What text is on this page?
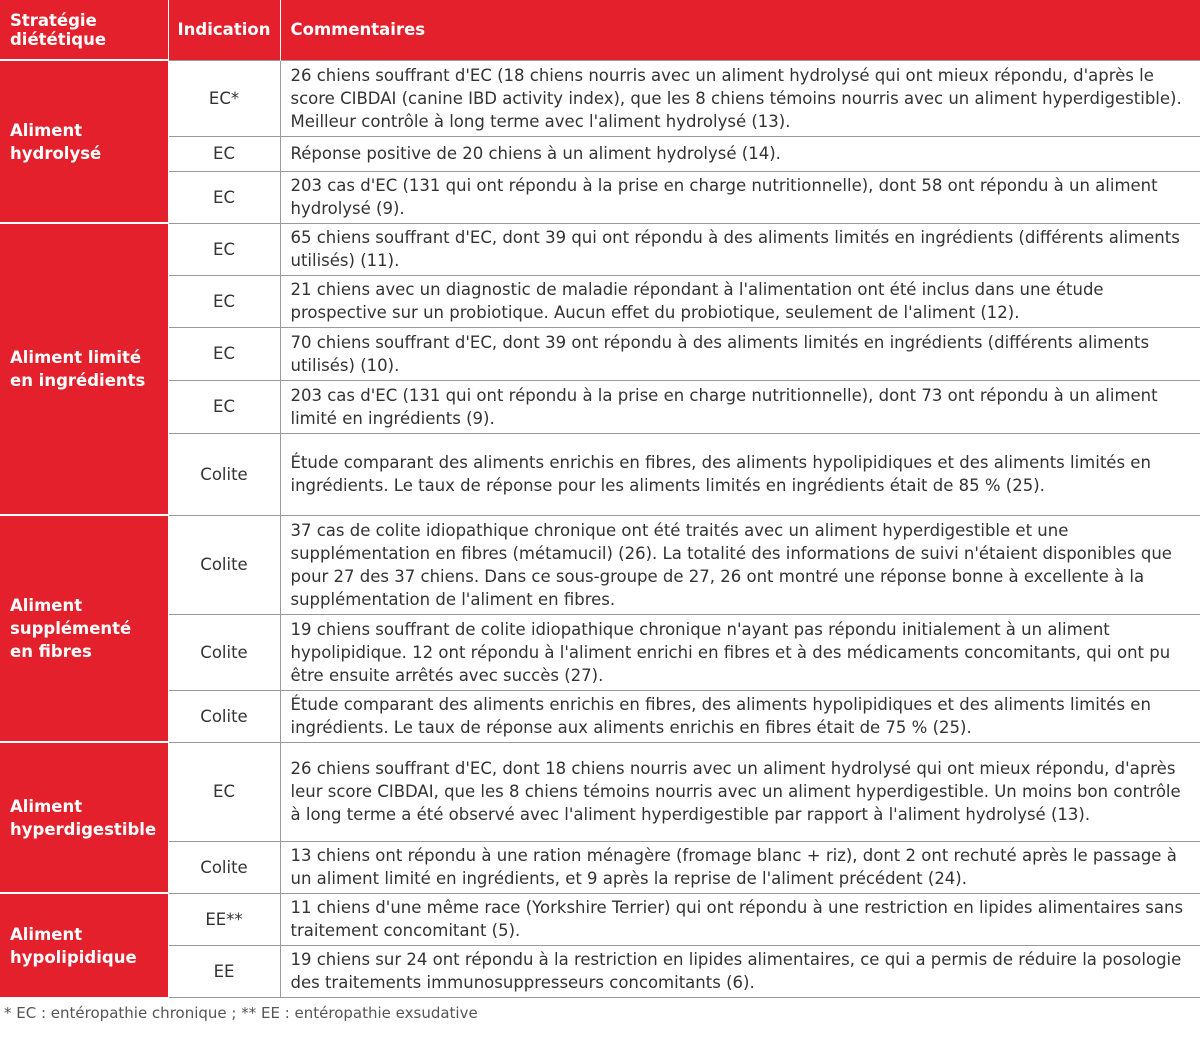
Stratégie diététique	Indication	Commentaires
Aliment hydrolysé	EC*	26 chiens souffrant d'EC (18 chiens nourris avec un aliment hydrolysé qui ont mieux répondu, d'après le score CIBDAI (canine IBD activity index), que les 8 chiens témoins nourris avec un aliment hyperdigestible). Meilleur contrôle à long terme avec l'aliment hydrolysé (13).
	EC	Réponse positive de 20 chiens à un aliment hydrolysé (14).
	EC	203 cas d'EC (131 qui ont répondu à la prise en charge nutritionnelle), dont 58 ont répondu à un aliment hydrolysé (9).
Aliment limité en ingrédients	EC	65 chiens souffrant d'EC, dont 39 qui ont répondu à des aliments limités en ingrédients (différents aliments utilisés) (11).
	EC	21 chiens avec un diagnostic de maladie répondant à l'alimentation ont été inclus dans une étude prospective sur un probiotique. Aucun effet du probiotique, seulement de l'aliment (12).
	EC	70 chiens souffrant d'EC, dont 39 ont répondu à des aliments limités en ingrédients (différents aliments utilisés) (10).
	EC	203 cas d'EC (131 qui ont répondu à la prise en charge nutritionnelle), dont 73 ont répondu à un aliment limité en ingrédients (9).
	Colite	Étude comparant des aliments enrichis en fibres, des aliments hypolipidiques et des aliments limités en ingrédients. Le taux de réponse pour les aliments limités en ingrédients était de 85 % (25).
Aliment supplémenté en fibres	Colite	37 cas de colite idiopathique chronique ont été traités avec un aliment hyperdigestible et une supplémentation en fibres (métamucil) (26). La totalité des informations de suivi n'étaient disponibles que pour 27 des 37 chiens. Dans ce sous-groupe de 27, 26 ont montré une réponse bonne à excellente à la supplémentation de l'aliment en fibres.
	Colite	19 chiens souffrant de colite idiopathique chronique n'ayant pas répondu initialement à un aliment hypolipidique. 12 ont répondu à l'aliment enrichi en fibres et à des médicaments concomitants, qui ont pu être ensuite arrêtés avec succès (27).
	Colite	Étude comparant des aliments enrichis en fibres, des aliments hypolipidiques et des aliments limités en ingrédients. Le taux de réponse aux aliments enrichis en fibres était de 75 % (25).
Aliment hyperdigestible	EC	26 chiens souffrant d'EC, dont 18 chiens nourris avec un aliment hydrolysé qui ont mieux répondu, d'après leur score CIBDAI, que les 8 chiens témoins nourris avec un aliment hyperdigestible. Un moins bon contrôle à long terme a été observé avec l'aliment hyperdigestible par rapport à l'aliment hydrolysé (13).
	Colite	13 chiens ont répondu à une ration ménagère (fromage blanc + riz), dont 2 ont rechuté après le passage à un aliment limité en ingrédients, et 9 après la reprise de l'aliment précédent (24).
Aliment hypolipidique	EE**	11 chiens d'une même race (Yorkshire Terrier) qui ont répondu à une restriction en lipides alimentaires sans traitement concomitant (5).
	EE	19 chiens sur 24 ont répondu à la restriction en lipides alimentaires, ce qui a permis de réduire la posologie des traitements immunosuppresseurs concomitants (6).
* EC : entéropathie chronique ; ** EE : entéropathie exsudative
